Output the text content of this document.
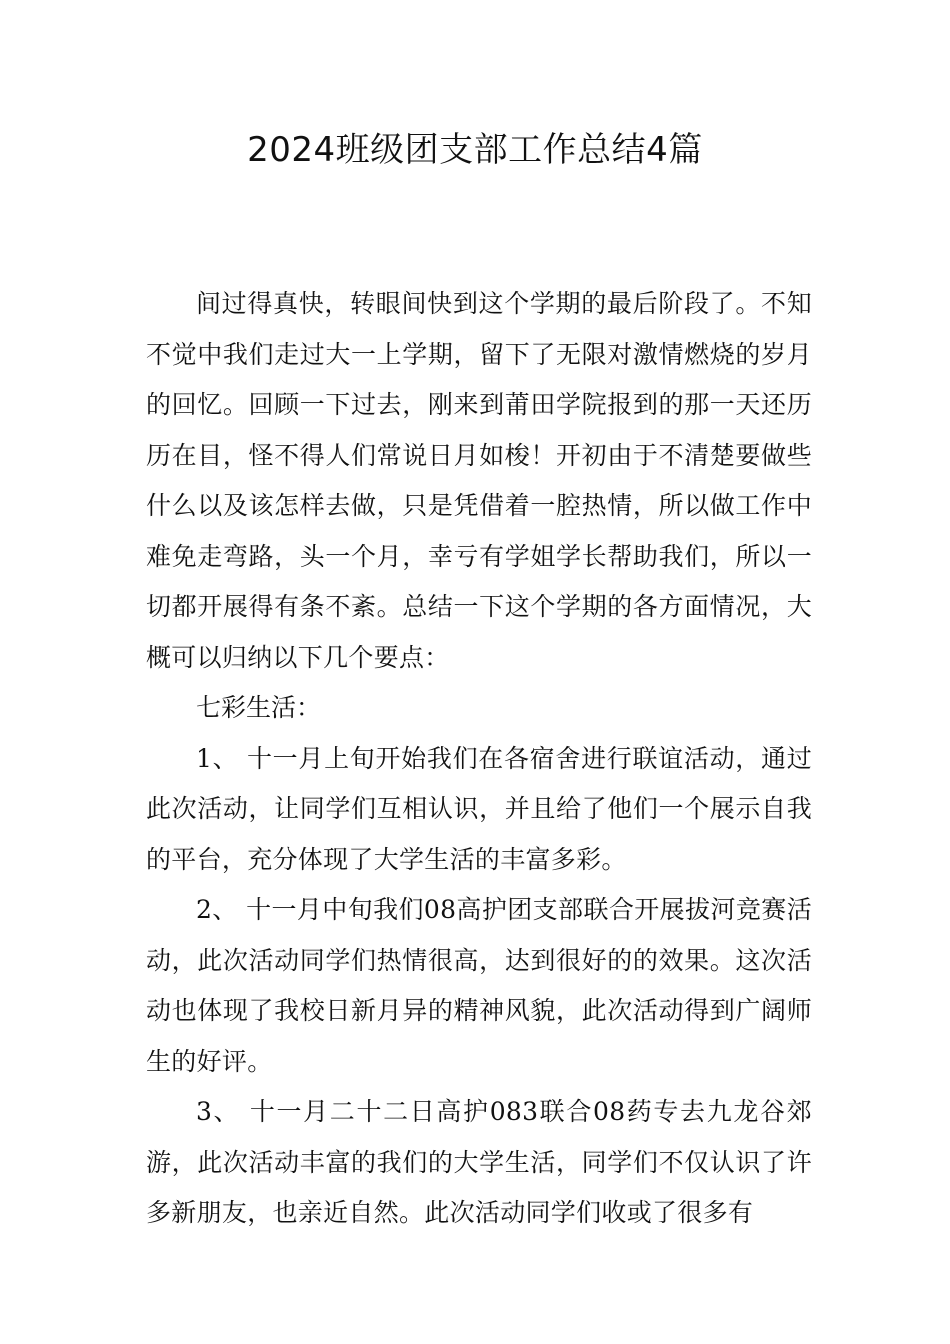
2024班级团支部工作总结4篇

间过得真快，转眼间快到这个学期的最后阶段了。不知不觉中我们走过大一上学期，留下了无限对激情燃烧的岁月的回忆。回顾一下过去，刚来到莆田学院报到的那一天还历历在目，怪不得人们常说日月如梭！开初由于不清楚要做些什么以及该怎样去做，只是凭借着一腔热情，所以做工作中难免走弯路，头一个月，幸亏有学姐学长帮助我们，所以一切都开展得有条不紊。总结一下这个学期的各方面情况，大概可以归纳以下几个要点：

七彩生活：

1、 十一月上旬开始我们在各宿舍进行联谊活动，通过此次活动，让同学们互相认识，并且给了他们一个展示自我的平台，充分体现了大学生活的丰富多彩。

2、 十一月中旬我们08高护团支部联合开展拔河竞赛活动，此次活动同学们热情很高，达到很好的的效果。这次活动也体现了我校日新月异的精神风貌，此次活动得到广阔师生的好评。

3、 十一月二十二日高护083联合08药专去九龙谷郊游，此次活动丰富的我们的大学生活，同学们不仅认识了许多新朋友，也亲近自然。此次活动同学们收或了很多有
